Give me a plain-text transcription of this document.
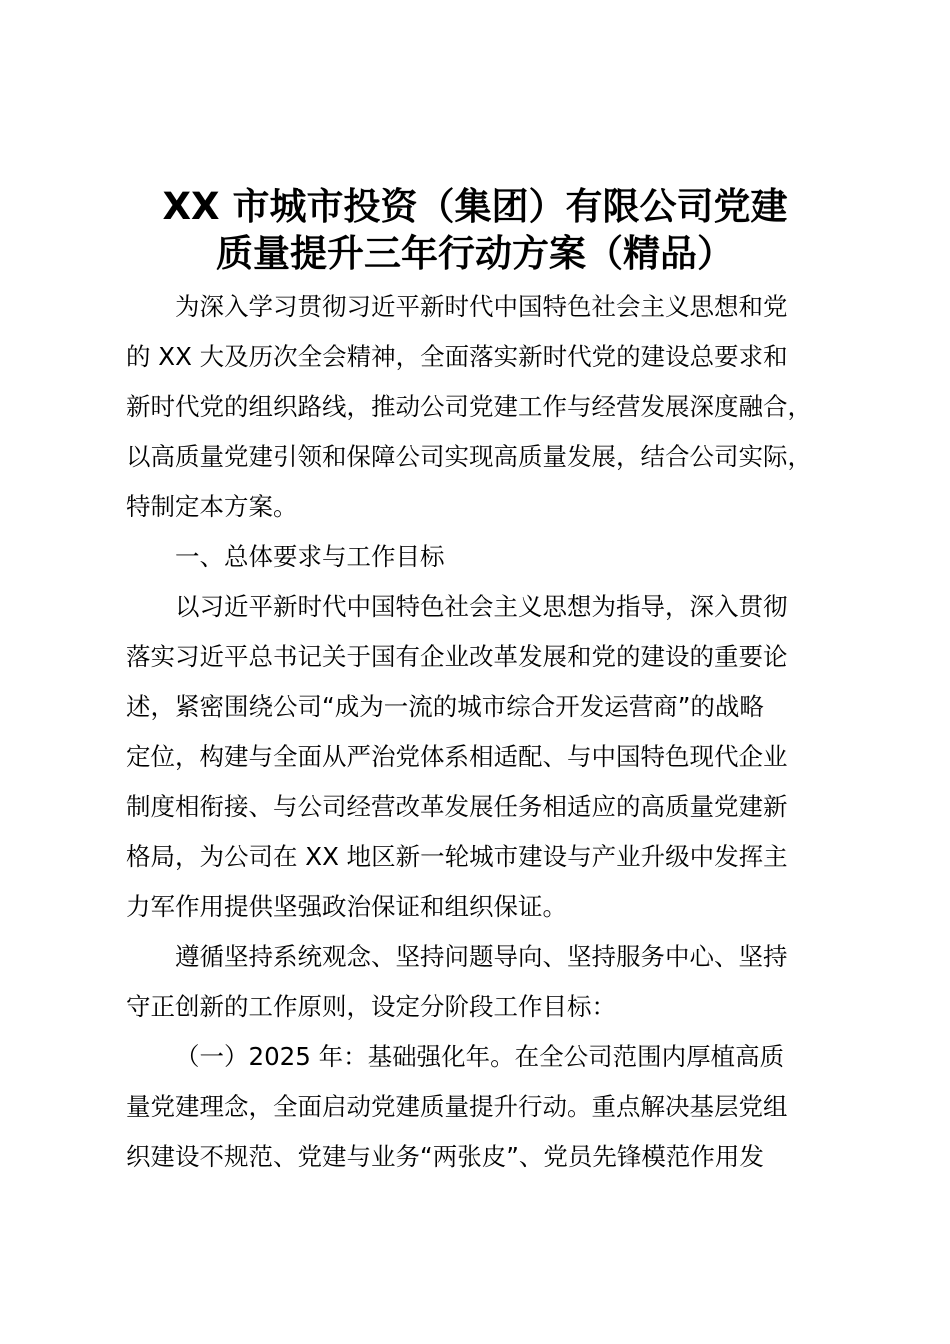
XX 市城市投资（集团）有限公司党建
质量提升三年行动方案（精品）
为深入学习贯彻习近平新时代中国特色社会主义思想和党
的 XX 大及历次全会精神，全面落实新时代党的建设总要求和
新时代党的组织路线，推动公司党建工作与经营发展深度融合，
以高质量党建引领和保障公司实现高质量发展，结合公司实际，
特制定本方案。
一、总体要求与工作目标
以习近平新时代中国特色社会主义思想为指导，深入贯彻
落实习近平总书记关于国有企业改革发展和党的建设的重要论
述，紧密围绕公司“成为一流的城市综合开发运营商”的战略
定位，构建与全面从严治党体系相适配、与中国特色现代企业
制度相衔接、与公司经营改革发展任务相适应的高质量党建新
格局，为公司在 XX 地区新一轮城市建设与产业升级中发挥主
力军作用提供坚强政治保证和组织保证。
遵循坚持系统观念、坚持问题导向、坚持服务中心、坚持
守正创新的工作原则，设定分阶段工作目标：
（一）2025 年：基础强化年。在全公司范围内厚植高质
量党建理念，全面启动党建质量提升行动。重点解决基层党组
织建设不规范、党建与业务“两张皮”、党员先锋模范作用发
